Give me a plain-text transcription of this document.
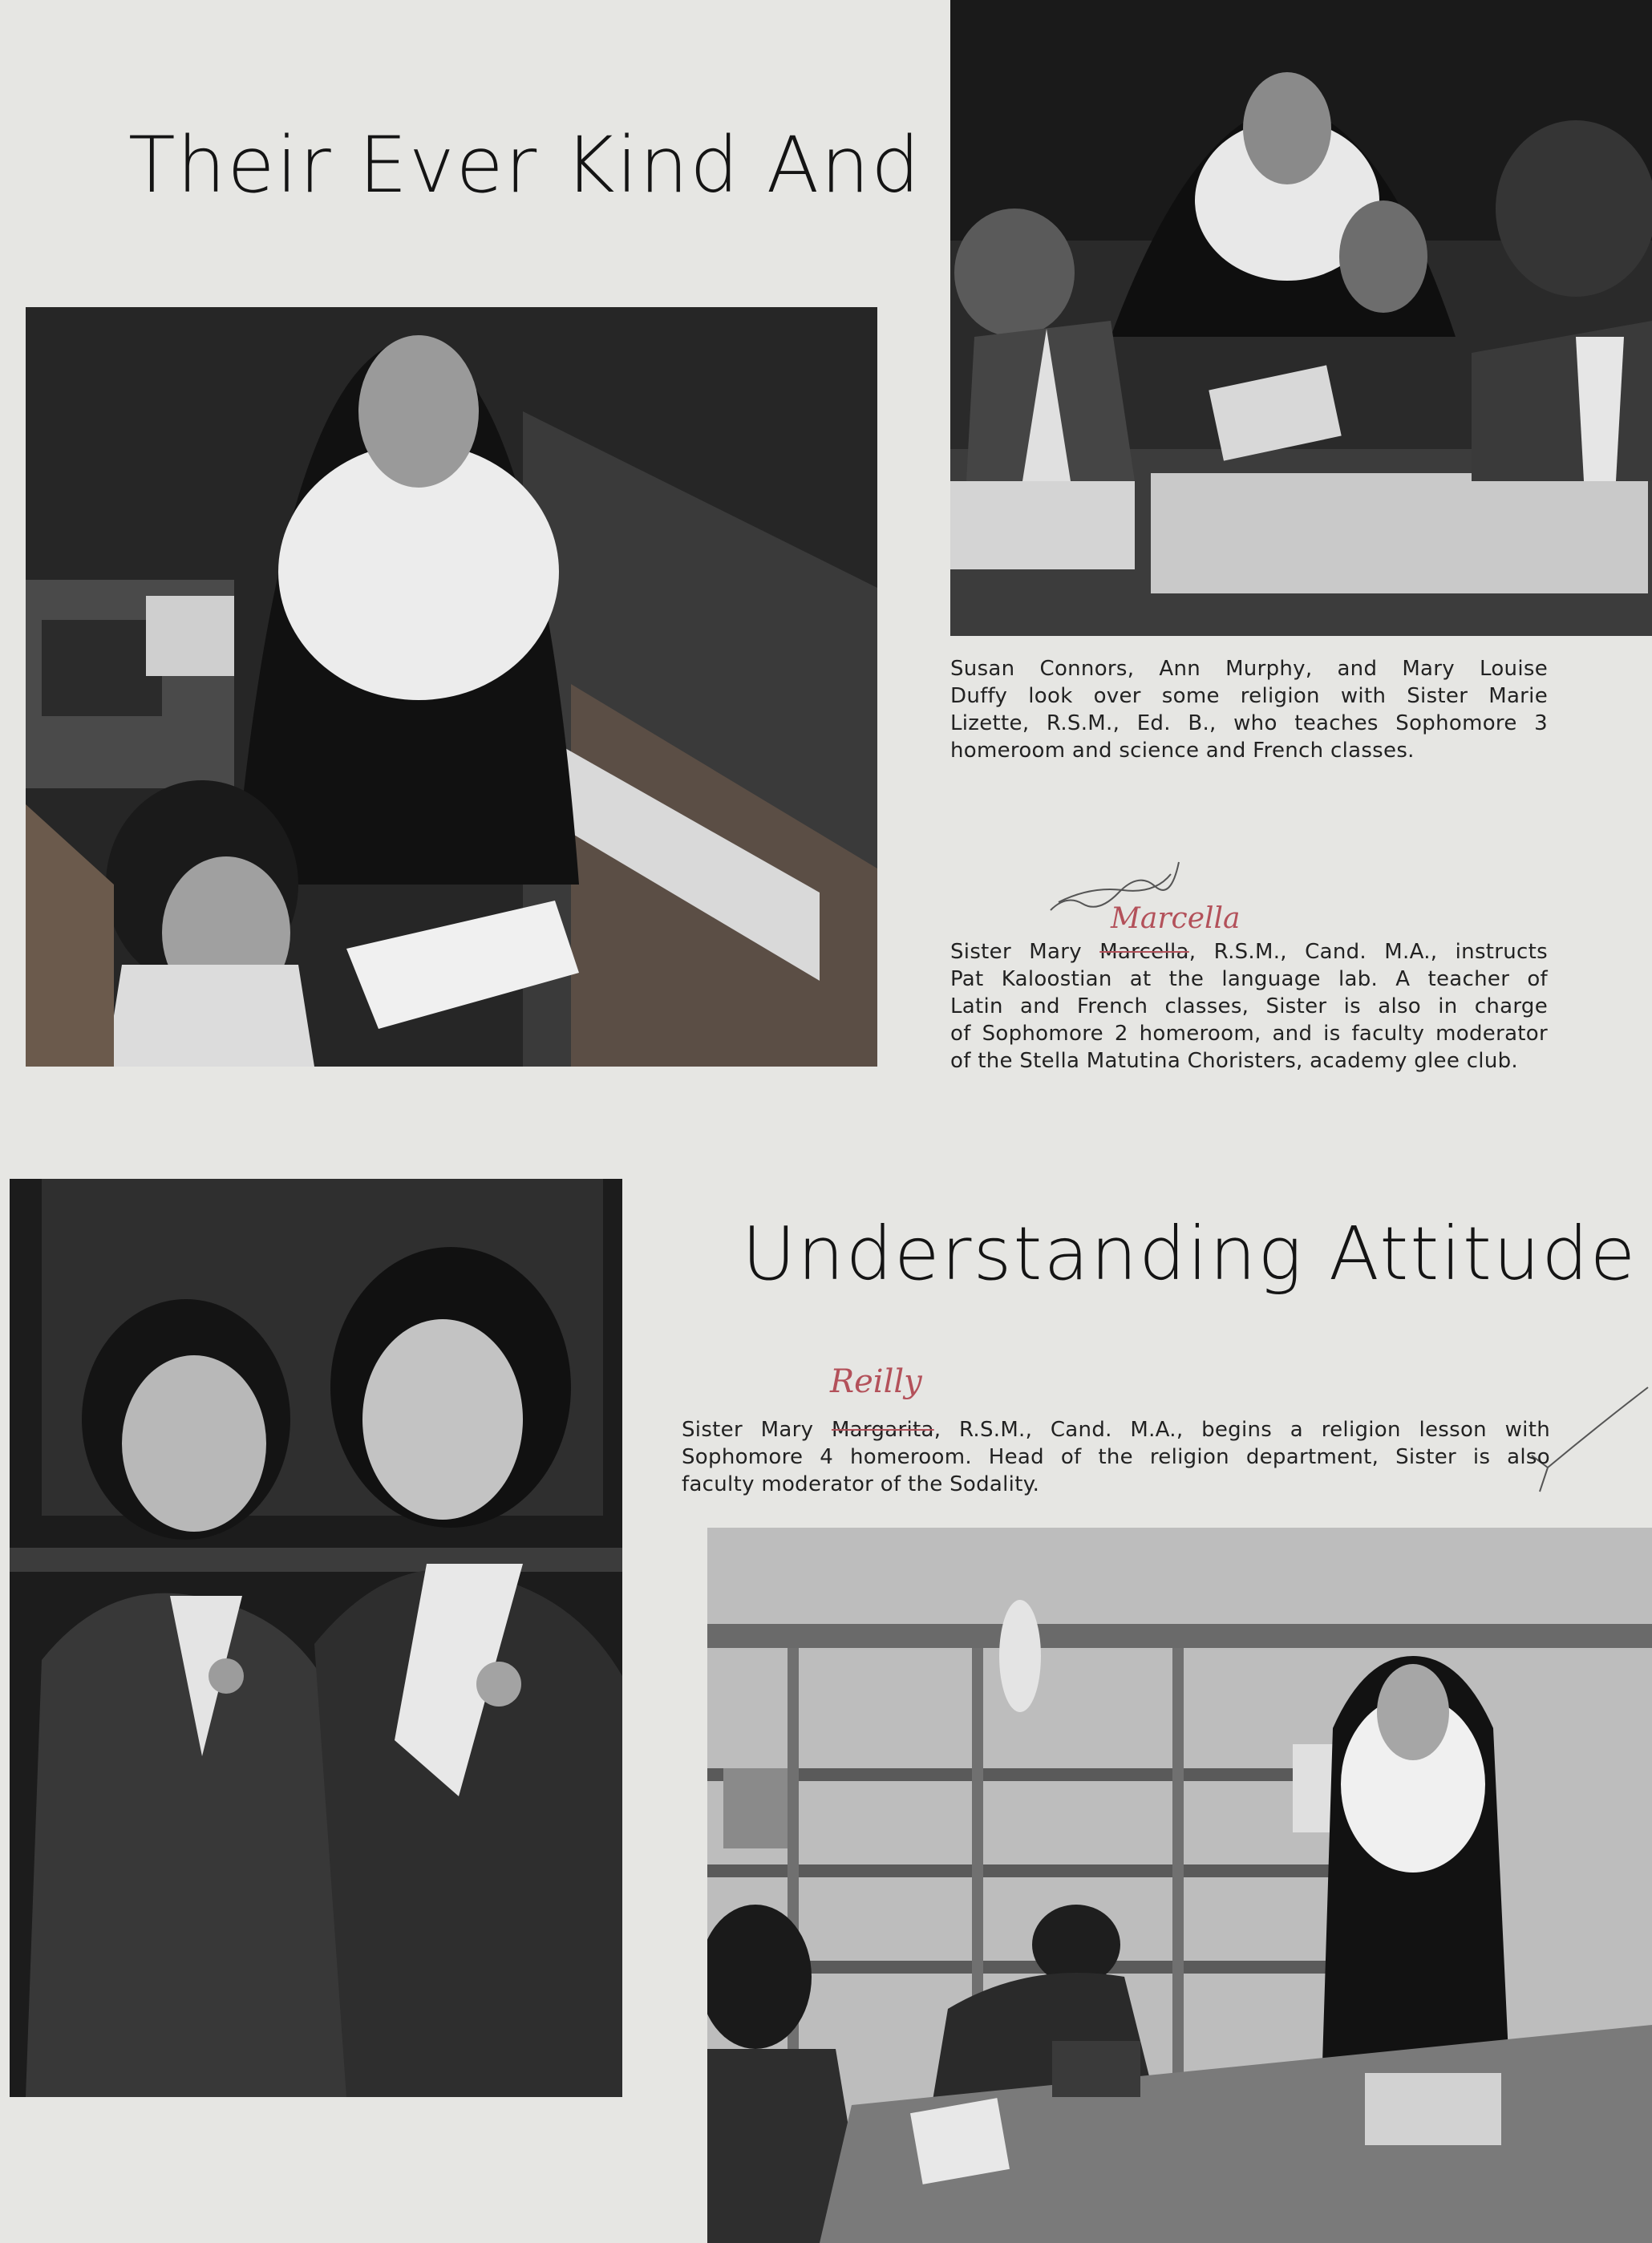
Their Ever Kind And
Susan Connors, Ann Murphy, and Mary Louise
Duffy look over some religion with Sister Marie
Lizette, R.S.M., Ed. B., who teaches Sophomore 3
homeroom and science and French classes.
Marcella
Sister Mary Marcella, R.S.M., Cand. M.A., instructs
Pat Kaloostian at the language lab. A teacher of
Latin and French classes, Sister is also in charge
of Sophomore 2 homeroom, and is faculty moderator
of the Stella Matutina Choristers, academy glee club.
Understanding Attitude
Reilly
Sister Mary Margarita, R.S.M., Cand. M.A., begins a religion lesson with
Sophomore 4 homeroom. Head of the religion department, Sister is also
faculty moderator of the Sodality.
